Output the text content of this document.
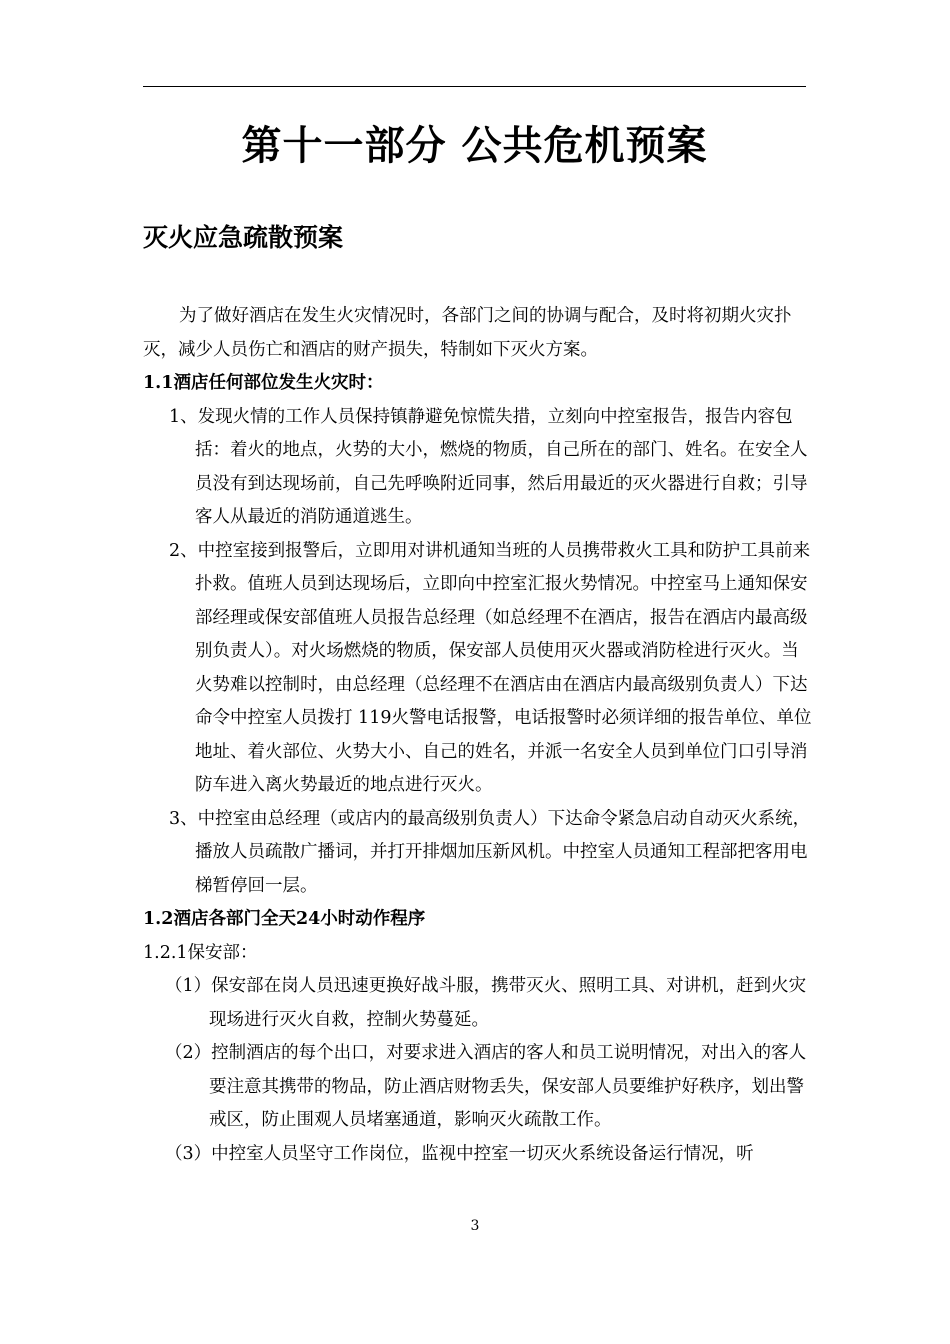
第十一部分 公共危机预案
灭火应急疏散预案

为了做好酒店在发生火灾情况时，各部门之间的协调与配合，及时将初期火灾扑灭，减少人员伤亡和酒店的财产损失，特制如下灭火方案。

1.1酒店任何部位发生火灾时：

1、发现火情的工作人员保持镇静避免惊慌失措，立刻向中控室报告，报告内容包括：着火的地点，火势的大小，燃烧的物质，自己所在的部门、姓名。在安全人员没有到达现场前，自己先呼唤附近同事，然后用最近的灭火器进行自救；引导客人从最近的消防通道逃生。

2、中控室接到报警后，立即用对讲机通知当班的人员携带救火工具和防护工具前来扑救。值班人员到达现场后，立即向中控室汇报火势情况。中控室马上通知保安部经理或保安部值班人员报告总经理（如总经理不在酒店，报告在酒店内最高级别负责人）。对火场燃烧的物质，保安部人员使用灭火器或消防栓进行灭火。当火势难以控制时，由总经理（总经理不在酒店由在酒店内最高级别负责人）下达命令中控室人员拨打 119火警电话报警，电话报警时必须详细的报告单位、单位地址、着火部位、火势大小、自己的姓名，并派一名安全人员到单位门口引导消防车进入离火势最近的地点进行灭火。

3、中控室由总经理（或店内的最高级别负责人）下达命令紧急启动自动灭火系统，播放人员疏散广播词，并打开排烟加压新风机。中控室人员通知工程部把客用电梯暂停回一层。

1.2酒店各部门全天24小时动作程序

1.2.1保安部：

（1）保安部在岗人员迅速更换好战斗服，携带灭火、照明工具、对讲机，赶到火灾现场进行灭火自救，控制火势蔓延。

（2）控制酒店的每个出口，对要求进入酒店的客人和员工说明情况，对出入的客人要注意其携带的物品，防止酒店财物丢失，保安部人员要维护好秩序，划出警戒区，防止围观人员堵塞通道，影响灭火疏散工作。

（3）中控室人员坚守工作岗位，监视中控室一切灭火系统设备运行情况，听

3
